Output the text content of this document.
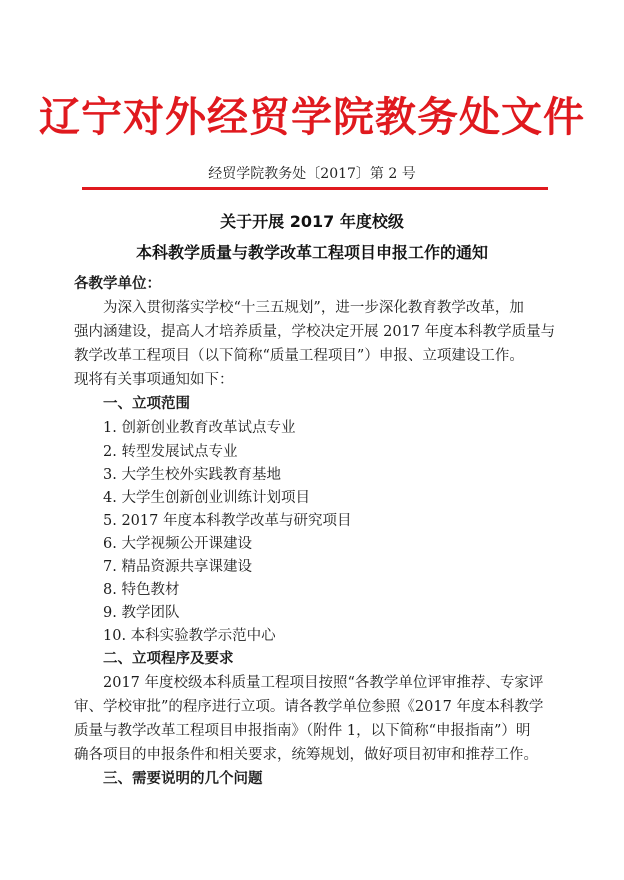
辽宁对外经贸学院教务处文件
经贸学院教务处〔2017〕第 2 号
关于开展 2017 年度校级
本科教学质量与教学改革工程项目申报工作的通知
各教学单位：
为深入贯彻落实学校“十三五规划”，进一步深化教育教学改革，加
强内涵建设，提高人才培养质量，学校决定开展 2017 年度本科教学质量与
教学改革工程项目（以下简称“质量工程项目”）申报、立项建设工作。
现将有关事项通知如下：
一、立项范围
1. 创新创业教育改革试点专业
2. 转型发展试点专业
3. 大学生校外实践教育基地
4. 大学生创新创业训练计划项目
5. 2017 年度本科教学改革与研究项目
6. 大学视频公开课建设
7. 精品资源共享课建设
8. 特色教材
9. 教学团队
10. 本科实验教学示范中心
二、立项程序及要求
2017 年度校级本科质量工程项目按照“各教学单位评审推荐、专家评
审、学校审批”的程序进行立项。请各教学单位参照《2017 年度本科教学
质量与教学改革工程项目申报指南》（附件 1，以下简称“申报指南”）明
确各项目的申报条件和相关要求，统筹规划，做好项目初审和推荐工作。
三、需要说明的几个问题
